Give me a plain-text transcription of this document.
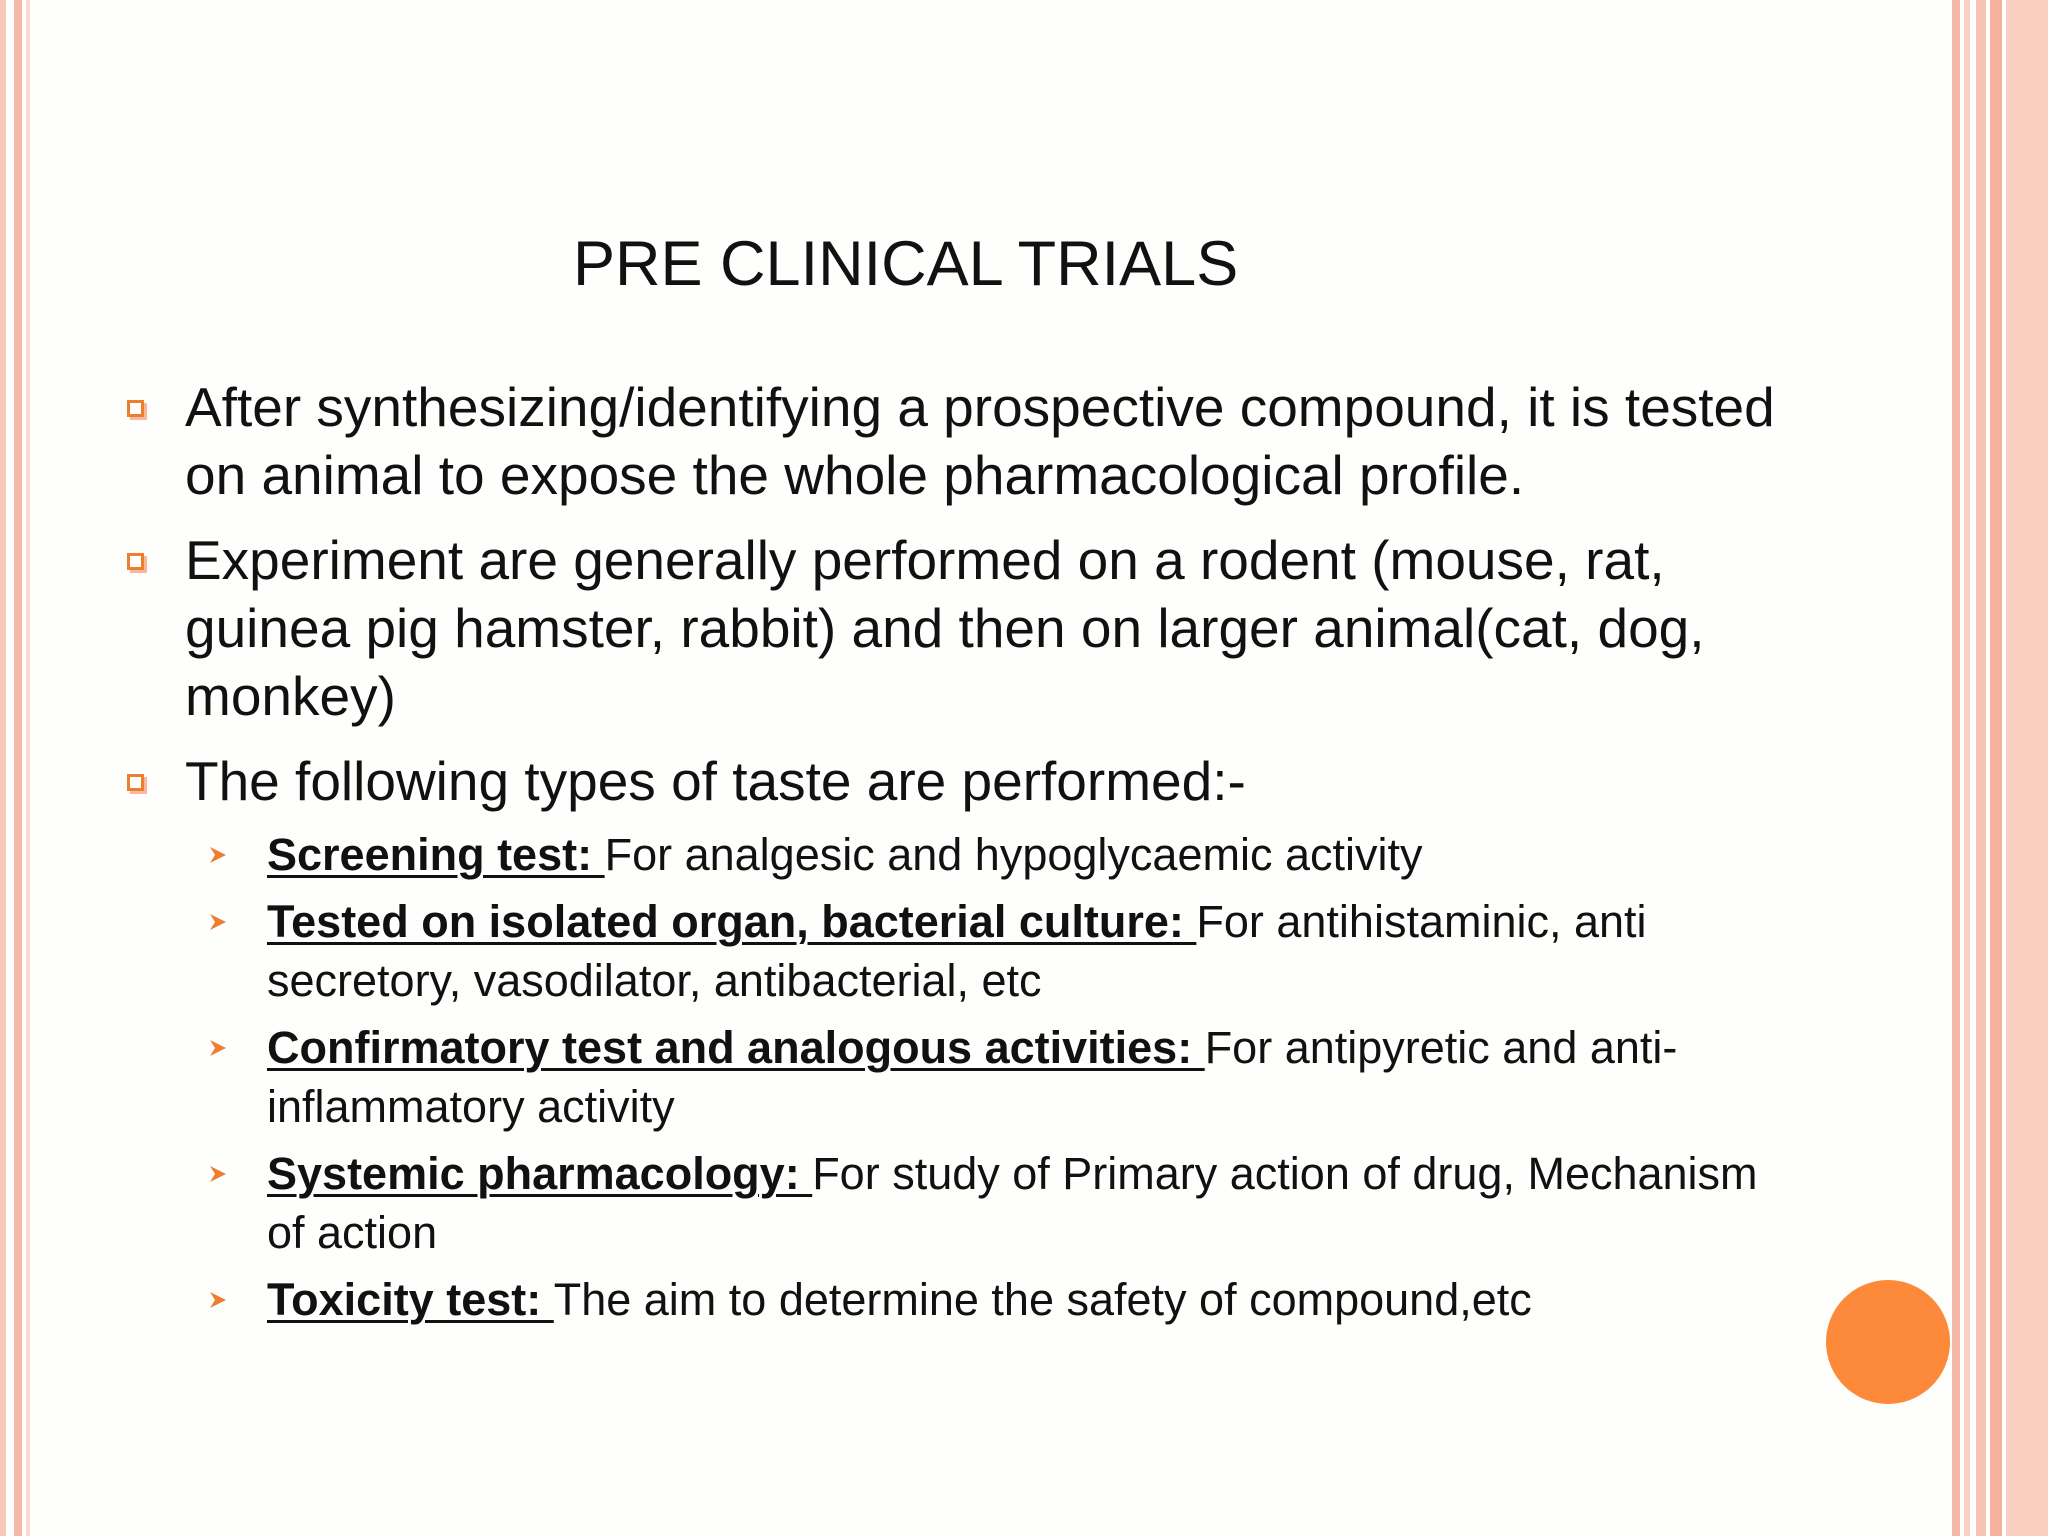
PRE CLINICAL TRIALS
After synthesizing/identifying a prospective compound, it is tested on animal to expose the whole pharmacological profile.
Experiment are generally performed on a rodent (mouse, rat, guinea pig hamster, rabbit) and then on larger animal(cat, dog, monkey)
The following types of taste are performed:-
Screening test: For analgesic and hypoglycaemic activity
Tested on isolated organ, bacterial culture: For antihistaminic, anti secretory, vasodilator, antibacterial, etc
Confirmatory test and analogous activities: For antipyretic and anti-inflammatory activity
Systemic pharmacology: For study of Primary action of drug, Mechanism of action
Toxicity test: The aim to determine the safety of compound,etc
